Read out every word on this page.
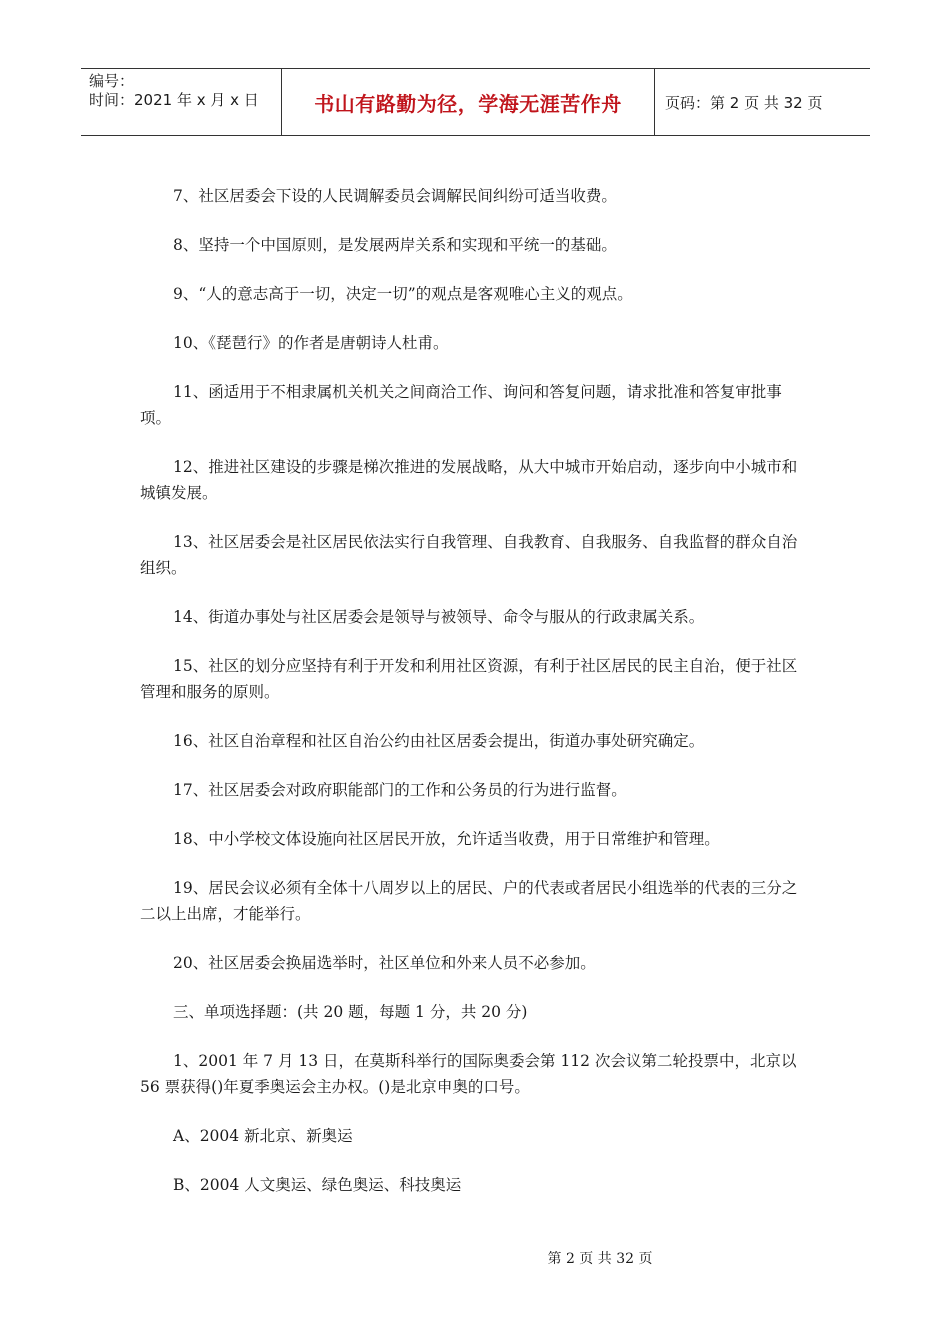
编号：
时间：2021 年 x 月 x 日	书山有路勤为径，学海无涯苦作舟	页码：第 2 页 共 32 页

7、社区居委会下设的人民调解委员会调解民间纠纷可适当收费。

8、坚持一个中国原则，是发展两岸关系和实现和平统一的基础。

9、“人的意志高于一切，决定一切”的观点是客观唯心主义的观点。

10、《琵琶行》的作者是唐朝诗人杜甫。

11、函适用于不相隶属机关机关之间商洽工作、询问和答复问题，请求批准和答复审批事项。

12、推进社区建设的步骤是梯次推进的发展战略，从大中城市开始启动，逐步向中小城市和城镇发展。

13、社区居委会是社区居民依法实行自我管理、自我教育、自我服务、自我监督的群众自治组织。

14、街道办事处与社区居委会是领导与被领导、命令与服从的行政隶属关系。

15、社区的划分应坚持有利于开发和利用社区资源，有利于社区居民的民主自治，便于社区管理和服务的原则。

16、社区自治章程和社区自治公约由社区居委会提出，街道办事处研究确定。

17、社区居委会对政府职能部门的工作和公务员的行为进行监督。

18、中小学校文体设施向社区居民开放，允许适当收费，用于日常维护和管理。

19、居民会议必须有全体十八周岁以上的居民、户的代表或者居民小组选举的代表的三分之二以上出席，才能举行。

20、社区居委会换届选举时，社区单位和外来人员不必参加。

三、单项选择题：(共 20 题，每题 1 分，共 20 分)

1、2001 年 7 月 13 日，在莫斯科举行的国际奥委会第 112 次会议第二轮投票中，北京以 56 票获得()年夏季奥运会主办权。()是北京申奥的口号。

A、2004 新北京、新奥运

B、2004 人文奥运、绿色奥运、科技奥运

第 2 页 共 32 页
